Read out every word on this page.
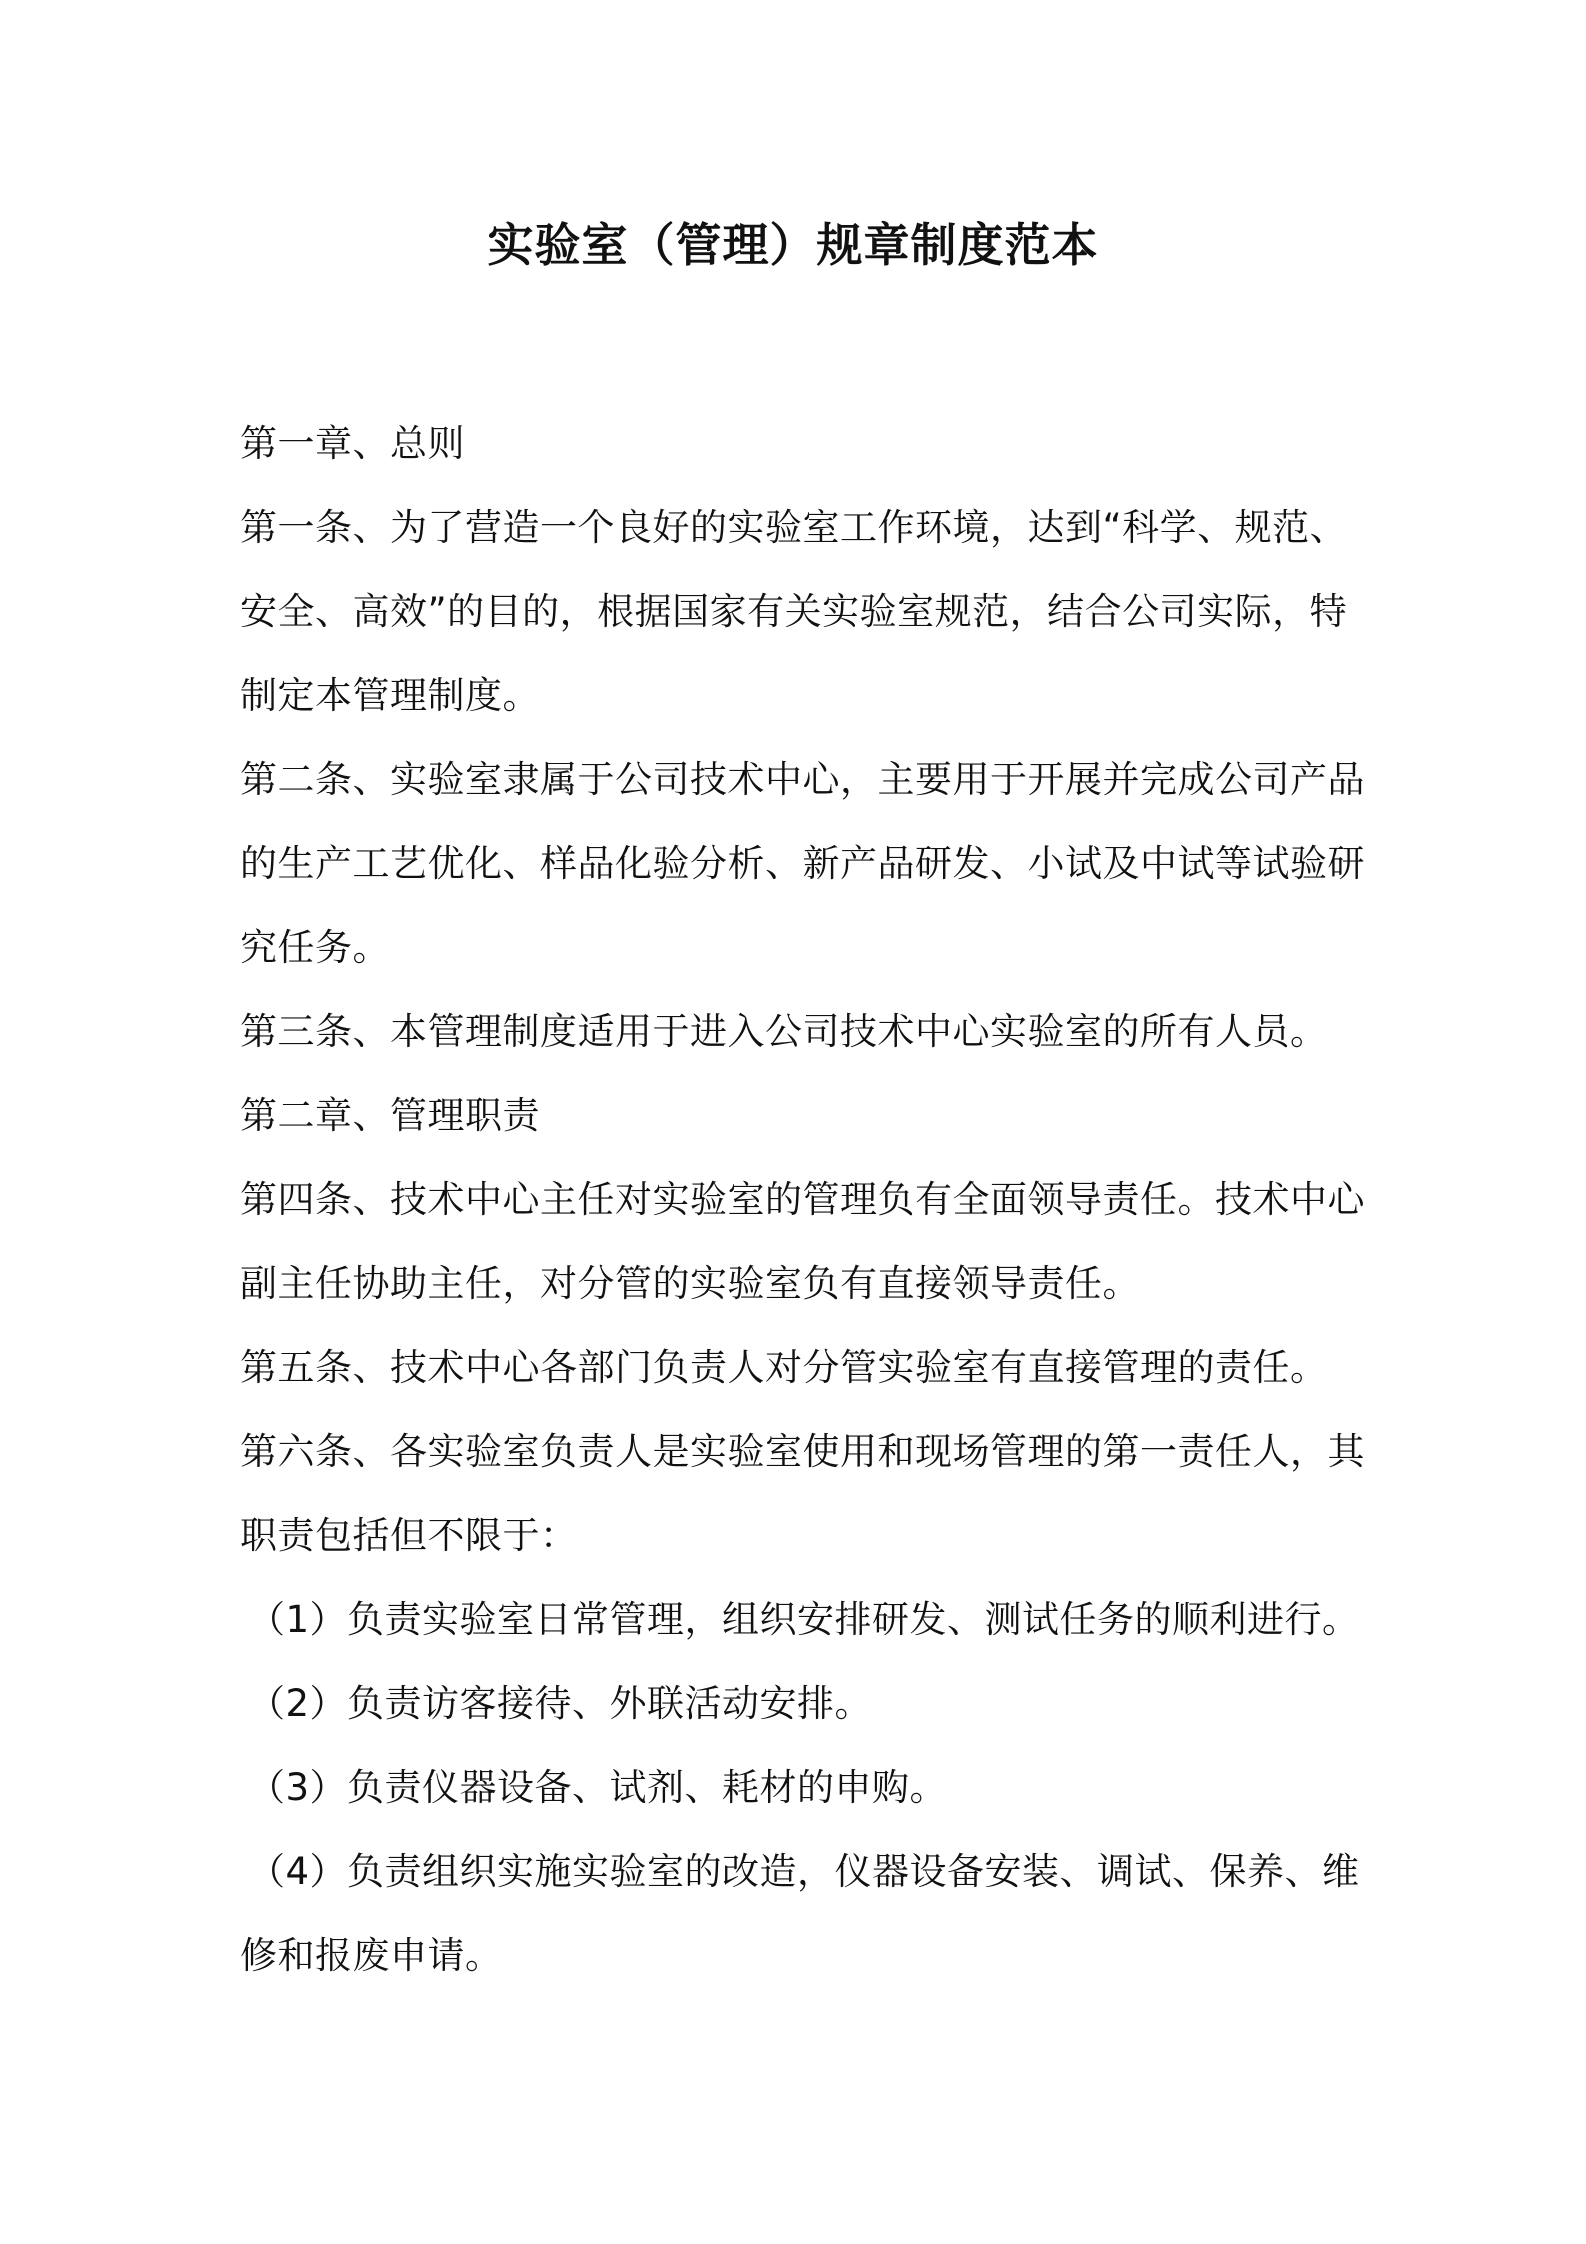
实验室（管理）规章制度范本
第一章、总则
第一条、为了营造一个良好的实验室工作环境，达到“科学、规范、
安全、高效”的目的，根据国家有关实验室规范，结合公司实际，特
制定本管理制度。
第二条、实验室隶属于公司技术中心，主要用于开展并完成公司产品
的生产工艺优化、样品化验分析、新产品研发、小试及中试等试验研
究任务。
第三条、本管理制度适用于进入公司技术中心实验室的所有人员。
第二章、管理职责
第四条、技术中心主任对实验室的管理负有全面领导责任。技术中心
副主任协助主任，对分管的实验室负有直接领导责任。
第五条、技术中心各部门负责人对分管实验室有直接管理的责任。
第六条、各实验室负责人是实验室使用和现场管理的第一责任人，其
职责包括但不限于：
（1）负责实验室日常管理，组织安排研发、测试任务的顺利进行。
（2）负责访客接待、外联活动安排。
（3）负责仪器设备、试剂、耗材的申购。
（4）负责组织实施实验室的改造，仪器设备安装、调试、保养、维
修和报废申请。
